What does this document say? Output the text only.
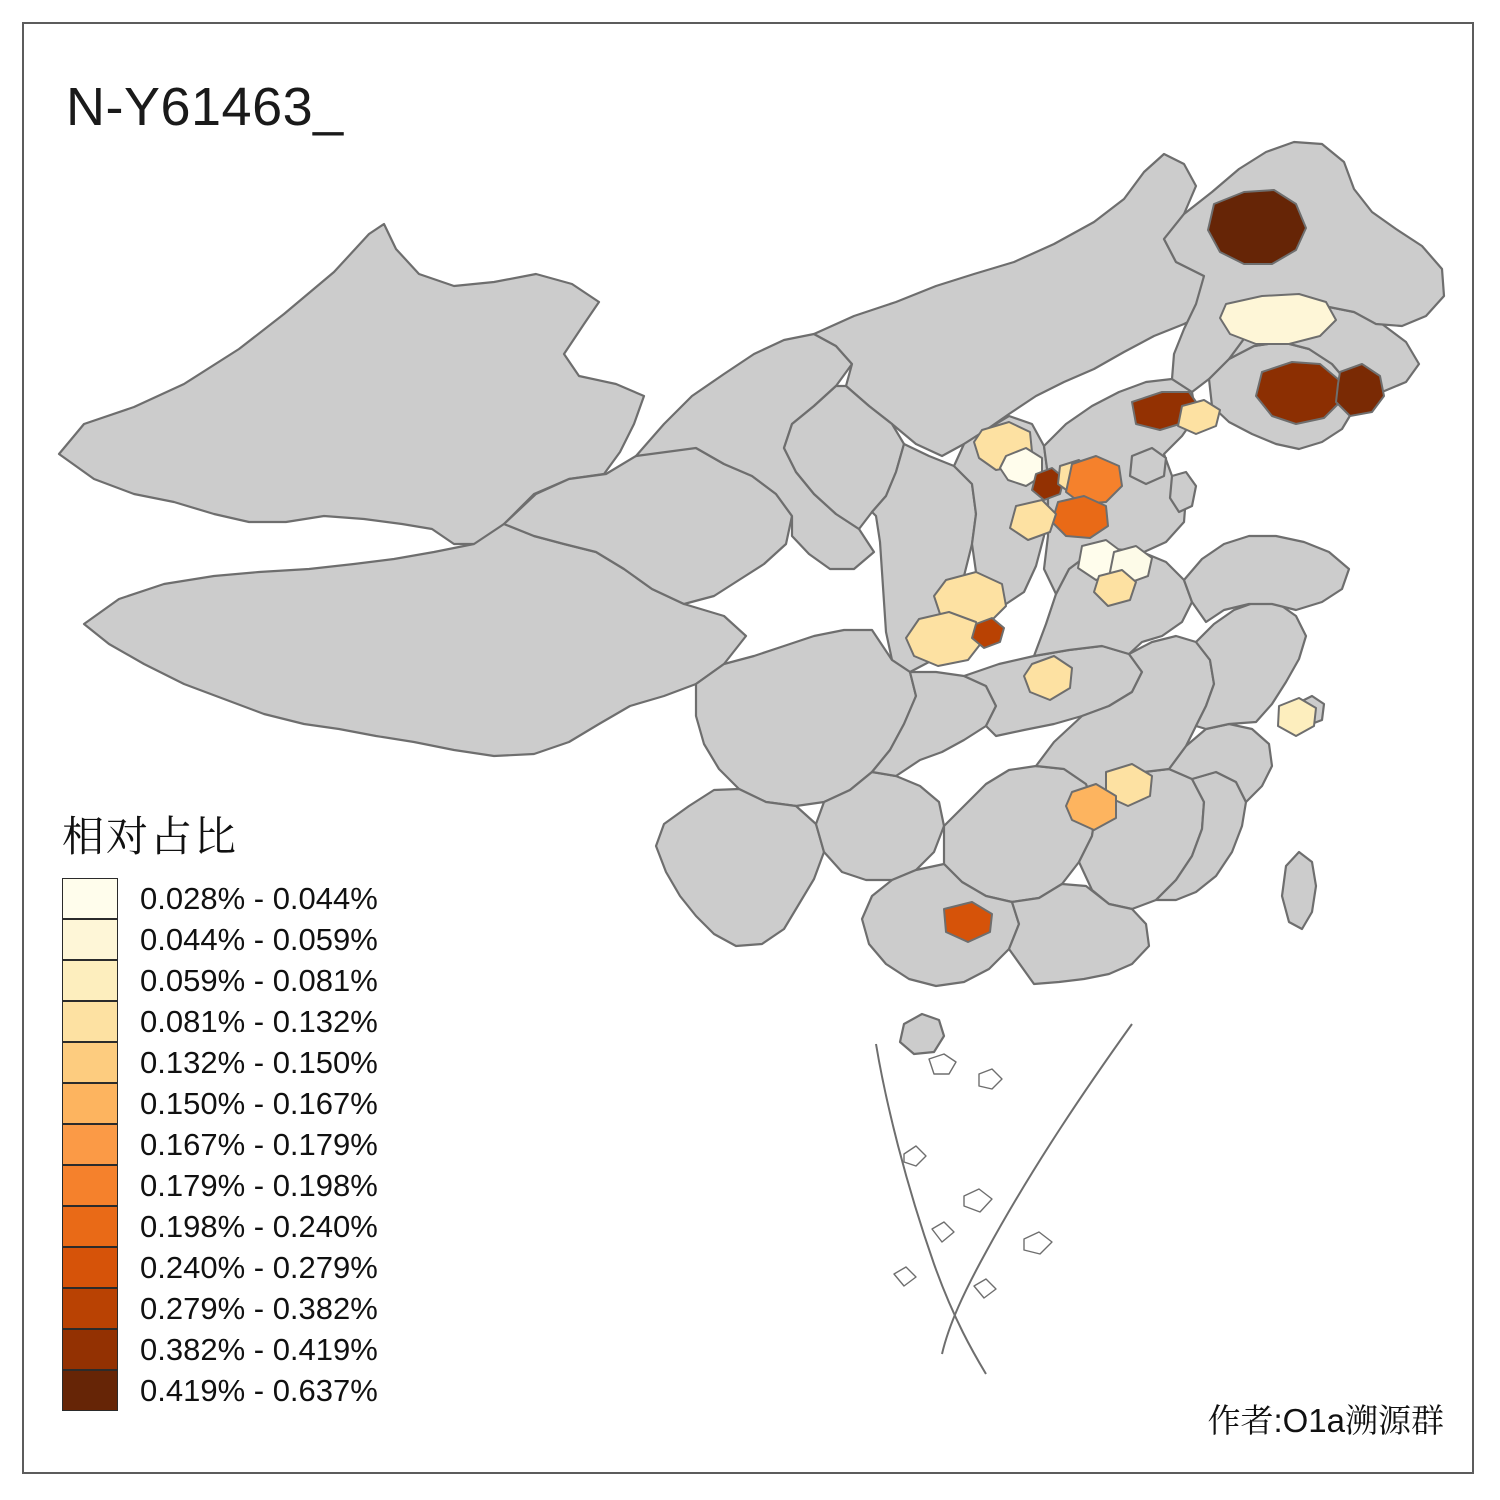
N-Y61463_
相对占比
0.028% - 0.044%
0.044% - 0.059%
0.059% - 0.081%
0.081% - 0.132%
0.132% - 0.150%
0.150% - 0.167%
0.167% - 0.179%
0.179% - 0.198%
0.198% - 0.240%
0.240% - 0.279%
0.279% - 0.382%
0.382% - 0.419%
0.419% - 0.637%
作者:O1a溯源群
